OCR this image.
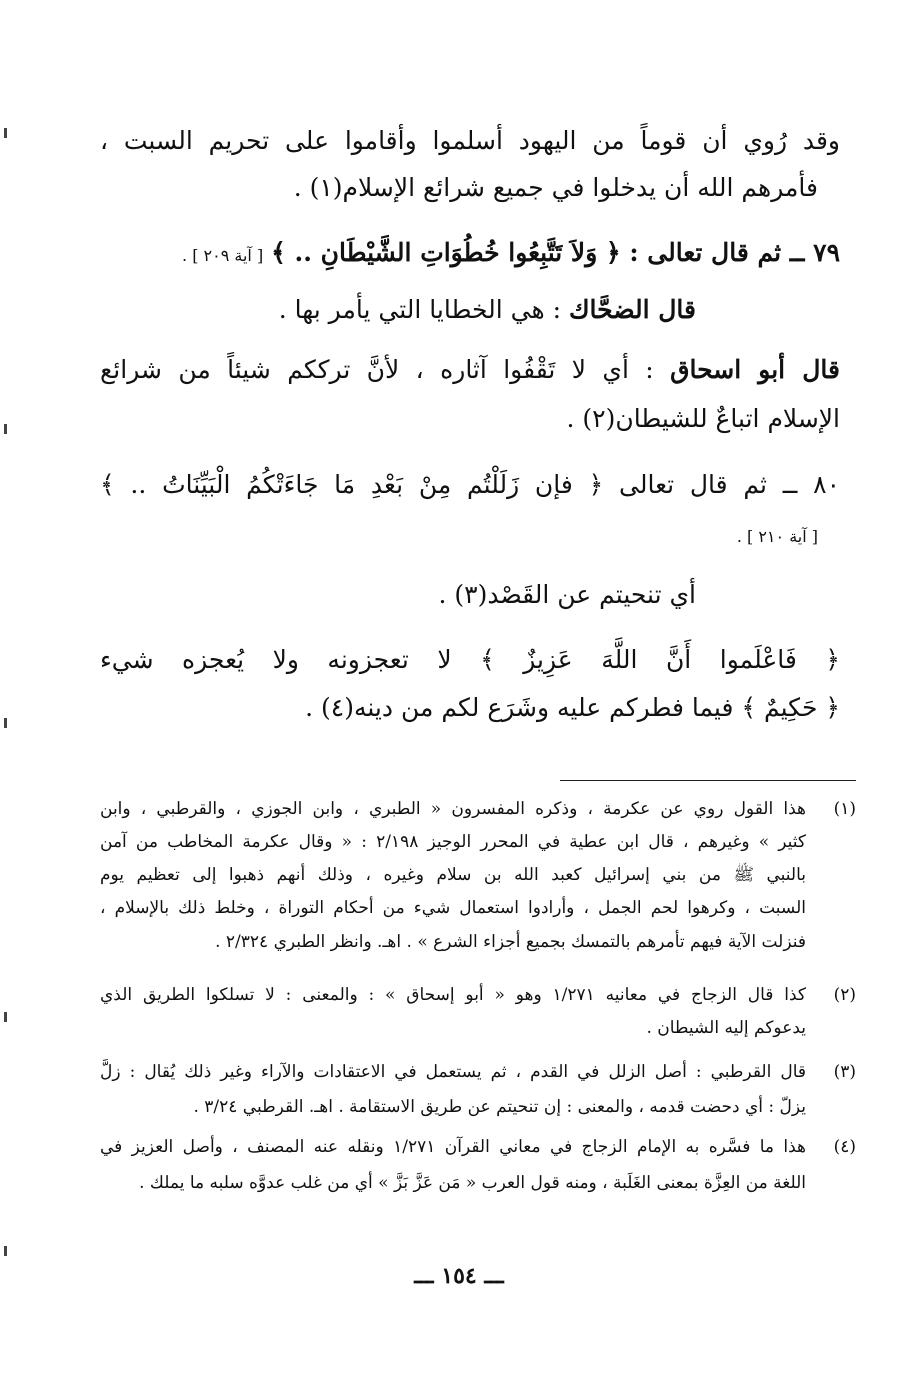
وقد رُوي أن قوماً من اليهود أسلموا وأقاموا على تحريم السبت ،
فأمرهم الله أن يدخلوا في جميع شرائع الإسلام(١) .
٧٩ ــ ثم قال تعالى : ﴿ وَلاَ تَتَّبِعُوا خُطُوَاتِ الشَّيْطَانِ .. ﴾ [ آية ٢٠٩ ] .
قال الضحَّاك : هي الخطايا التي يأمر بها .
قال أبو اسحاق : أي لا تَقْفُوا آثاره ، لأنَّ ترككم شيئاً من شرائع
الإسلام اتباعٌ للشيطان(٢) .
٨٠ ــ ثم قال تعالى ﴿ فإن زَلَلْتُم مِنْ بَعْدِ مَا جَاءَتْكُمُ الْبَيِّنَاتُ .. ﴾
[ آية ٢١٠ ] .
أي تنحيتم عن القَصْد(٣) .
﴿ فَاعْلَموا أَنَّ اللَّهَ عَزِيزٌ ﴾ لا تعجزونه ولا يُعجزه شيء
﴿ حَكِيمٌ ﴾ فيما فطركم عليه وشَرَع لكم من دينه(٤) .
(١)
هذا القول روي عن عكرمة ، وذكره المفسرون « الطبري ، وابن الجوزي ، والقرطبي ، وابن
كثير » وغيرهم ، قال ابن عطية في المحرر الوجيز ٢/١٩٨ : « وقال عكرمة المخاطب من آمن
بالنبي ﷺ من بني إسرائيل كعبد الله بن سلام وغيره ، وذلك أنهم ذهبوا إلى تعظيم يوم
السبت ، وكرهوا لحم الجمل ، وأرادوا استعمال شيء من أحكام التوراة ، وخلط ذلك بالإسلام ،
فنزلت الآية فيهم تأمرهم بالتمسك بجميع أجزاء الشرع » . اهـ. وانظر الطبري ٢/٣٢٤ .
(٢)
كذا قال الزجاج في معانيه ١/٢٧١ وهو « أبو إسحاق » : والمعنى : لا تسلكوا الطريق الذي
يدعوكم إليه الشيطان .
(٣)
قال القرطبي : أصل الزلل في القدم ، ثم يستعمل في الاعتقادات والآراء وغير ذلك يُقال : زلَّ
يزلّ : أي دحضت قدمه ، والمعنى : إن تنحيتم عن طريق الاستقامة . اهـ. القرطبي ٣/٢٤ .
(٤)
هذا ما فسَّره به الإمام الزجاج في معاني القرآن ١/٢٧١ ونقله عنه المصنف ، وأصل العزيز في
اللغة من العِزَّة بمعنى الغَلَبة ، ومنه قول العرب « مَن عَزَّ بَزَّ » أي من غلب عدوَّه سلبه ما يملك .
ـــ ١٥٤ ـــ
